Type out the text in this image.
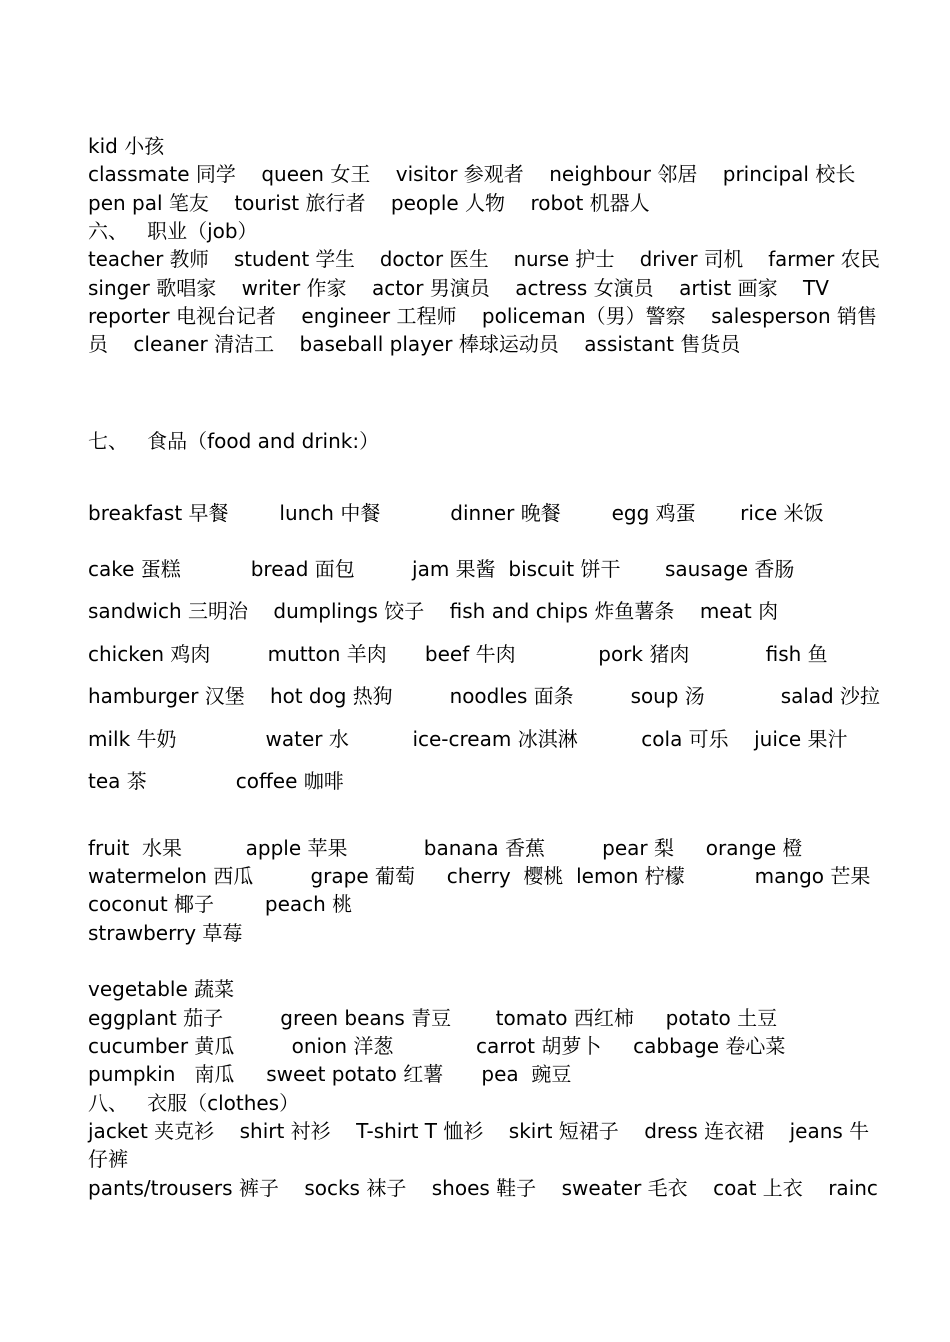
kid 小孩
classmate 同学    queen 女王    visitor 参观者    neighbour 邻居    principal 校长
pen pal 笔友    tourist 旅行者    people 人物    robot 机器人
六、   职业（job）
teacher 教师    student 学生    doctor 医生    nurse 护士    driver 司机    farmer 农民
singer 歌唱家    writer 作家    actor 男演员    actress 女演员    artist 画家    TV
reporter 电视台记者    engineer 工程师    policeman（男）警察    salesperson 销售
员    cleaner 清洁工    baseball player 棒球运动员    assistant 售货员
七、   食品（food and drink:）
breakfast 早餐        lunch 中餐           dinner 晚餐        egg 鸡蛋       rice 米饭
cake 蛋糕           bread 面包         jam 果酱  biscuit 饼干       sausage 香肠
sandwich 三明治    dumplings 饺子    fish and chips 炸鱼薯条    meat 肉
chicken 鸡肉         mutton 羊肉      beef 牛肉             pork 猪肉            fish 鱼
hamburger 汉堡    hot dog 热狗         noodles 面条         soup 汤            salad 沙拉
milk 牛奶              water 水          ice-cream 冰淇淋          cola 可乐    juice 果汁
tea 茶              coffee 咖啡
fruit  水果          apple 苹果            banana 香蕉         pear 梨     orange 橙
watermelon 西瓜         grape 葡萄     cherry  樱桃  lemon 柠檬           mango 芒果
coconut 椰子        peach 桃
strawberry 草莓
vegetable 蔬菜
eggplant 茄子         green beans 青豆       tomato 西红柿     potato 土豆
cucumber 黄瓜         onion 洋葱             carrot 胡萝卜     cabbage 卷心菜
pumpkin   南瓜     sweet potato 红薯      pea  豌豆
八、   衣服（clothes）
jacket 夹克衫    shirt 衬衫    T-shirt T 恤衫    skirt 短裙子    dress 连衣裙    jeans 牛
仔裤
pants/trousers 裤子    socks 袜子    shoes 鞋子    sweater 毛衣    coat 上衣    rainc
